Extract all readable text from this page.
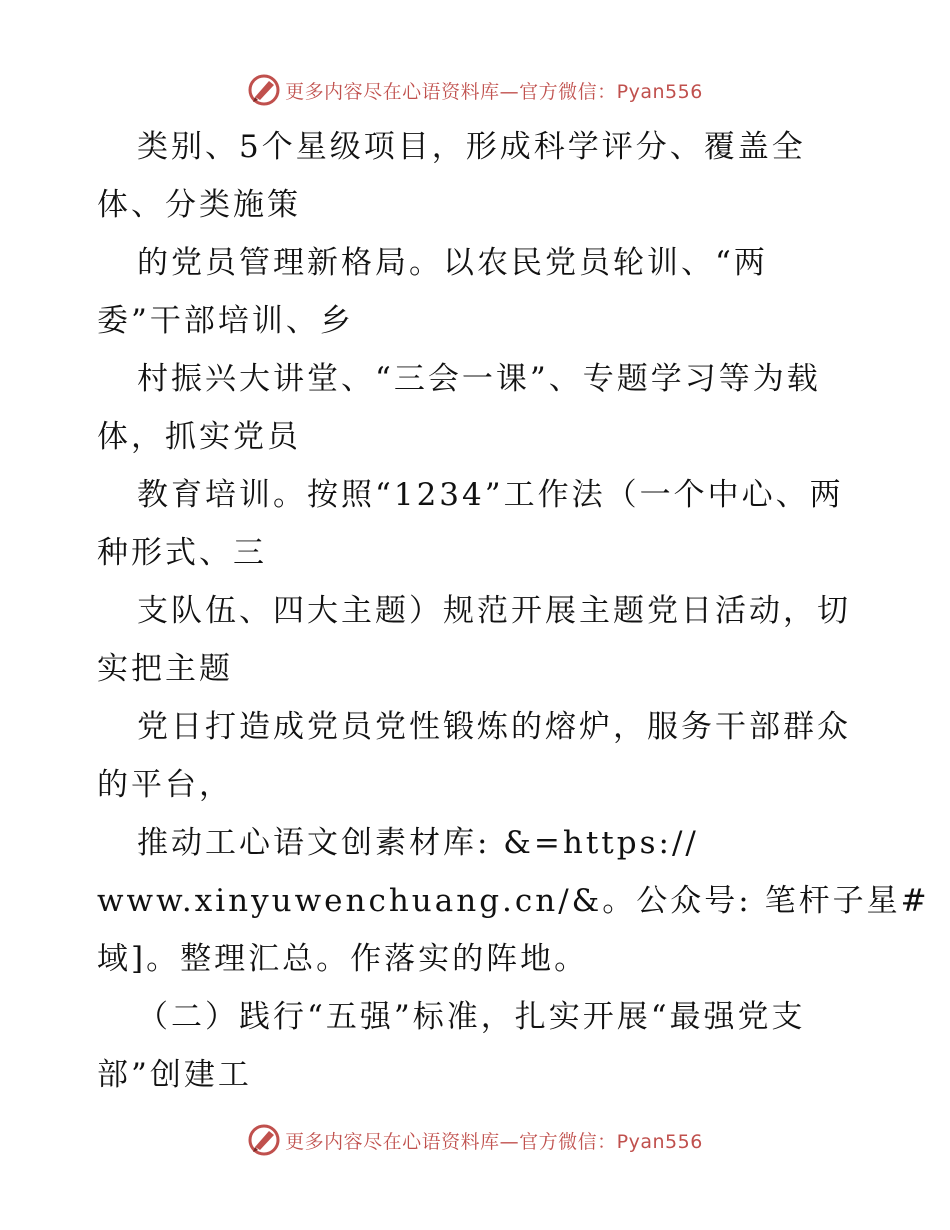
更多内容尽在心语资料库—官方微信：Pyan556
类别、5个星级项目，形成科学评分、覆盖全
体、分类施策
的党员管理新格局。以农民党员轮训、“两
委”干部培训、乡
村振兴大讲堂、“三会一课”、专题学习等为载
体，抓实党员
教育培训。按照“1234”工作法（一个中心、两
种形式、三
支队伍、四大主题）规范开展主题党日活动，切
实把主题
党日打造成党员党性锻炼的熔炉，服务干部群众
的平台，
推动工心语文创素材库: &=https://
www.xinyuwenchuang.cn/&。公众号: 笔杆子星#
域]。整理汇总。作落实的阵地。
（二）践行“五强”标准，扎实开展“最强党支
部”创建工
更多内容尽在心语资料库—官方微信：Pyan556
